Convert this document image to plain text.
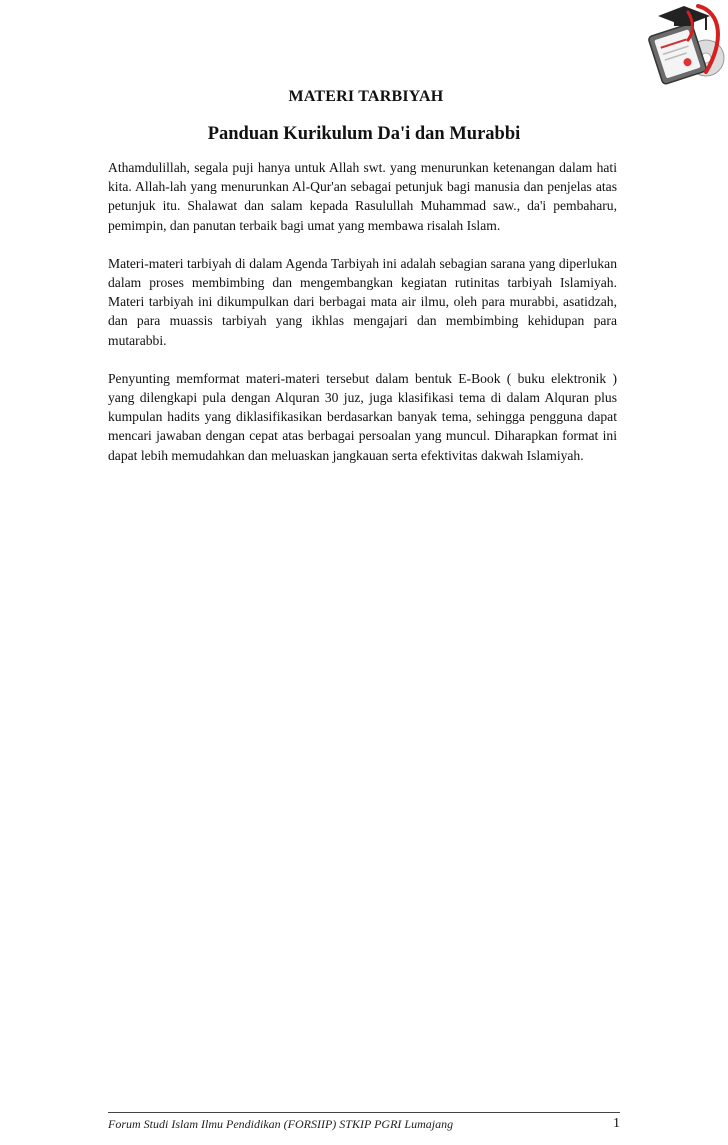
MATERI TARBIYAH
Panduan Kurikulum Da'i dan Murabbi

Athamdulillah, segala puji hanya untuk Allah swt. yang menurunkan ketenangan dalam hati kita. Allah-lah yang menurunkan Al-Qur'an sebagai petunjuk bagi manusia dan penjelas atas petunjuk itu. Shalawat dan salam kepada Rasulullah Muhammad saw., da'i pembaharu, pemimpin, dan panutan terbaik bagi umat yang membawa risalah Islam.

Materi-materi tarbiyah di dalam Agenda Tarbiyah ini adalah sebagian sarana yang diperlukan dalam proses membimbing dan mengembangkan kegiatan rutinitas tarbiyah Islamiyah. Materi tarbiyah ini dikumpulkan dari berbagai mata air ilmu, oleh para murabbi, asatidzah, dan para muassis tarbiyah yang ikhlas mengajari dan membimbing kehidupan para mutarabbi.

Penyunting memformat materi-materi tersebut dalam bentuk E-Book ( buku elektronik ) yang dilengkapi pula dengan Alquran 30 juz, juga klasifikasi tema di dalam Alquran plus kumpulan hadits yang diklasifikasikan berdasarkan banyak tema, sehingga pengguna dapat mencari jawaban dengan cepat atas berbagai persoalan yang muncul. Diharapkan format ini dapat lebih memudahkan dan meluaskan jangkauan serta efektivitas dakwah Islamiyah.

Forum Studi Islam Ilmu Pendidikan (FORSIIP) STKIP PGRI Lumajang	1
